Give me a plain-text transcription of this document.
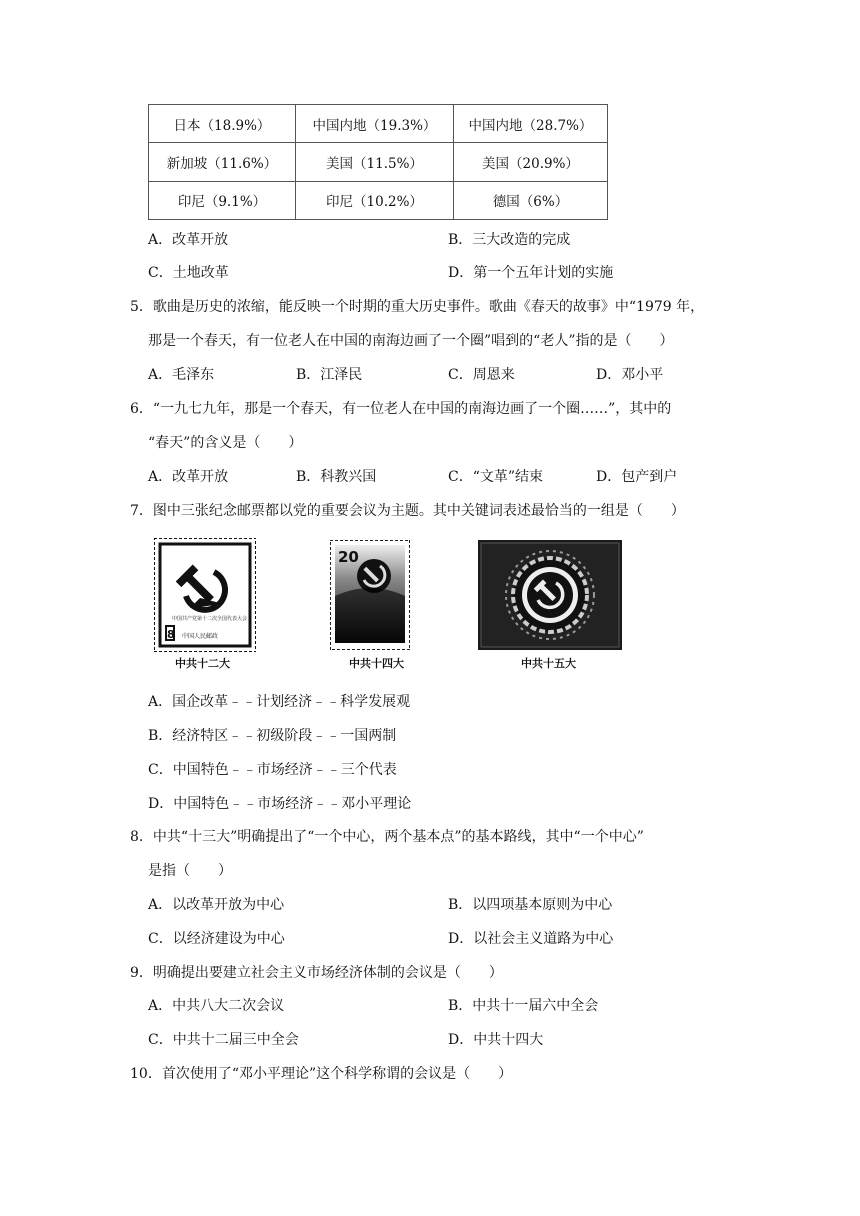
日本（18.9%）	中国内地（19.3%）	中国内地（28.7%）
新加坡（11.6%）	美国（11.5%）	美国（20.9%）
印尼（9.1%）	印尼（10.2%）	德国（6%）
A．改革开放	B．三大改造的完成
C．土地改革	D．第一个五年计划的实施
5．歌曲是历史的浓缩，能反映一个时期的重大历史事件。歌曲《春天的故事》中“1979 年，
那是一个春天，有一位老人在中国的南海边画了一个圈”唱到的“老人”指的是（　　）
A．毛泽东	B．江泽民	C．周恩来	D．邓小平
6．“一九七九年，那是一个春天，有一位老人在中国的南海边画了一个圈……”，其中的
“春天”的含义是（　　）
A．改革开放	B．科教兴国	C．“文革”结束	D．包产到户
7．图中三张纪念邮票都以党的重要会议为主题。其中关键词表述最恰当的一组是（　　）
中国共产党第十二次全国代表大会
8 中国人民邮政
中共十二大
20
中共十四大	中共十五大
A．国企改革﹣﹣计划经济﹣﹣科学发展观
B．经济特区﹣﹣初级阶段﹣﹣一国两制
C．中国特色﹣﹣市场经济﹣﹣三个代表
D．中国特色﹣﹣市场经济﹣﹣邓小平理论
8．中共“十三大”明确提出了“一个中心，两个基本点”的基本路线，其中“一个中心”
是指（　　）
A．以改革开放为中心	B．以四项基本原则为中心
C．以经济建设为中心	D．以社会主义道路为中心
9．明确提出要建立社会主义市场经济体制的会议是（　　）
A．中共八大二次会议	B．中共十一届六中全会
C．中共十二届三中全会	D．中共十四大
10．首次使用了“邓小平理论”这个科学称谓的会议是（　　）
